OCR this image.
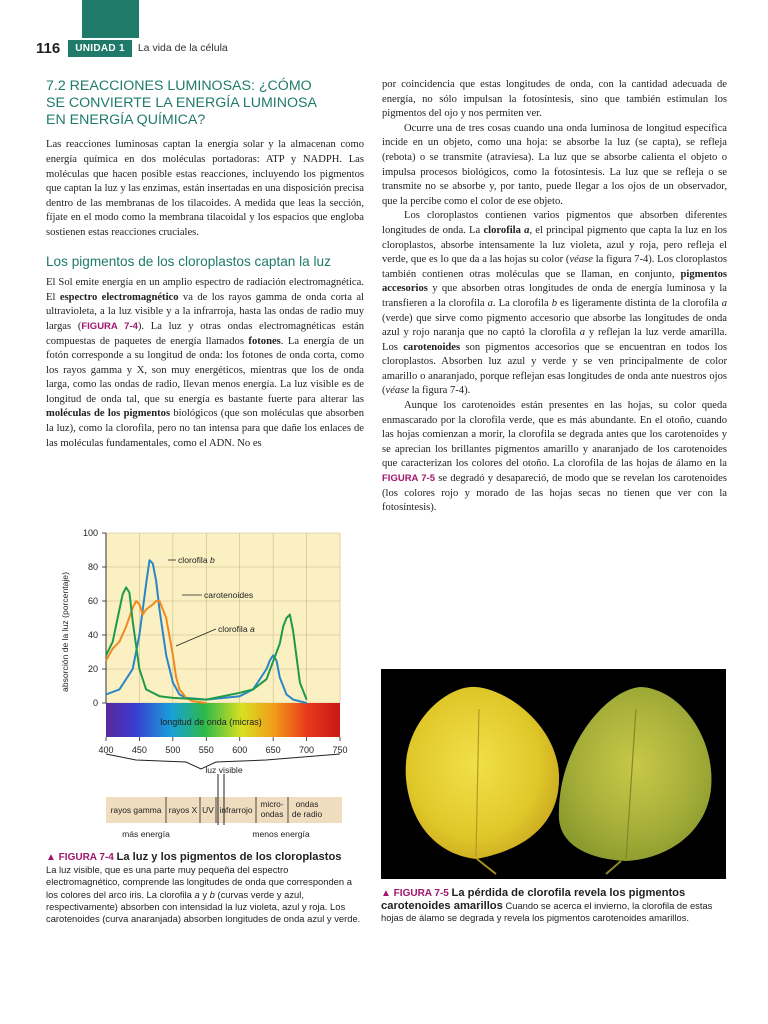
116	UNIDAD 1	La vida de la célula
7.2 REACCIONES LUMINOSAS: ¿CÓMO
SE CONVIERTE LA ENERGÍA LUMINOSA
EN ENERGÍA QUÍMICA?

Las reacciones luminosas captan la energía solar y la almacenan como energía química en dos moléculas portadoras: ATP y NADPH. Las moléculas que hacen posible estas reacciones, incluyendo los pigmentos que captan la luz y las enzimas, están insertadas en una disposición precisa dentro de las membranas de los tilacoides. A medida que leas la sección, fíjate en el modo como la membrana tilacoidal y los espacios que engloba sostienen estas reacciones cruciales.

Los pigmentos de los cloroplastos captan la luz

El Sol emite energía en un amplio espectro de radiación electromagnética. El espectro electromagnético va de los rayos gamma de onda corta al ultravioleta, a la luz visible y a la infrarroja, hasta las ondas de radio muy largas (FIGURA 7-4). La luz y otras ondas electromagnéticas están compuestas de paquetes de energía llamados fotones. La energía de un fotón corresponde a su longitud de onda: los fotones de onda corta, como los rayos gamma y X, son muy energéticos, mientras que los de onda larga, como las ondas de radio, llevan menos energía. La luz visible es de longitud de onda tal, que su energía es bastante fuerte para alterar las moléculas de los pigmentos biológicos (que son moléculas que absorben la luz), como la clorofila, pero no tan intensa para que dañe los enlaces de las moléculas fundamentales, como el ADN. No es

por coincidencia que estas longitudes de onda, con la cantidad adecuada de energía, no sólo impulsan la fotosíntesis, sino que también estimulan los pigmentos del ojo y nos permiten ver.

Ocurre una de tres cosas cuando una onda luminosa de longitud específica incide en un objeto, como una hoja: se absorbe la luz (se capta), se refleja (rebota) o se transmite (atraviesa). La luz que se absorbe calienta el objeto o impulsa procesos biológicos, como la fotosíntesis. La luz que se refleja o se transmite no se absorbe y, por tanto, puede llegar a los ojos de un observador, que la percibe como el color de ese objeto.

Los cloroplastos contienen varios pigmentos que absorben diferentes longitudes de onda. La clorofila a, el principal pigmento que capta la luz en los cloroplastos, absorbe intensamente la luz violeta, azul y roja, pero refleja el verde, que es lo que da a las hojas su color (véase la figura 7-4). Los cloroplastos también contienen otras moléculas que se llaman, en conjunto, pigmentos accesorios y que absorben otras longitudes de onda de energía luminosa y la transfieren a la clorofila a. La clorofila b es ligeramente distinta de la clorofila a (verde) que sirve como pigmento accesorio que absorbe las longitudes de onda azul y rojo naranja que no captó la clorofila a y reflejan la luz verde amarilla. Los carotenoides son pigmentos accesorios que se encuentran en todos los cloroplastos. Absorben luz azul y verde y se ven principalmente de color amarillo o anaranjado, porque reflejan esas longitudes de onda ante nuestros ojos (véase la figura 7-4).

Aunque los carotenoides están presentes en las hojas, su color queda enmascarado por la clorofila verde, que es más abundante. En el otoño, cuando las hojas comienzan a morir, la clorofila se degrada antes que los carotenoides y se aprecian los brillantes pigmentos amarillo y anaranjado de los carotenoides que caracterizan los colores del otoño. La clorofila de las hojas de álamo en la FIGURA 7-5 se degradó y desapareció, de modo que se revelan los carotenoides (los colores rojo y morado de las hojas secas no tienen que ver con la fotosíntesis).

400 450 500 550 600 650 700 750
0
20
40
60
80
100
longitud de onda (micras)
absorción de la luz (porcentaje)
clorofila b
carotenoides
clorofila a
luz visible
rayos gamma rayos X UV infrarrojo
micro-ondas
ondas de radio
más energía	menos energía
▲ FIGURA 7-4 La luz y los pigmentos de los cloroplastos
La luz visible, que es una parte muy pequeña del espectro electromagnético, comprende las longitudes de onda que corresponden a los colores del arco iris. La clorofila a y b (curvas verde y azul, respectivamente) absorben con intensidad la luz violeta, azul y roja. Los carotenoides (curva anaranjada) absorben longitudes de onda azul y verde.
▲ FIGURA 7-5 La pérdida de clorofila revela los pigmentos carotenoides amarillos Cuando se acerca el invierno, la clorofila de estas hojas de álamo se degrada y revela los pigmentos carotenoides amarillos.
